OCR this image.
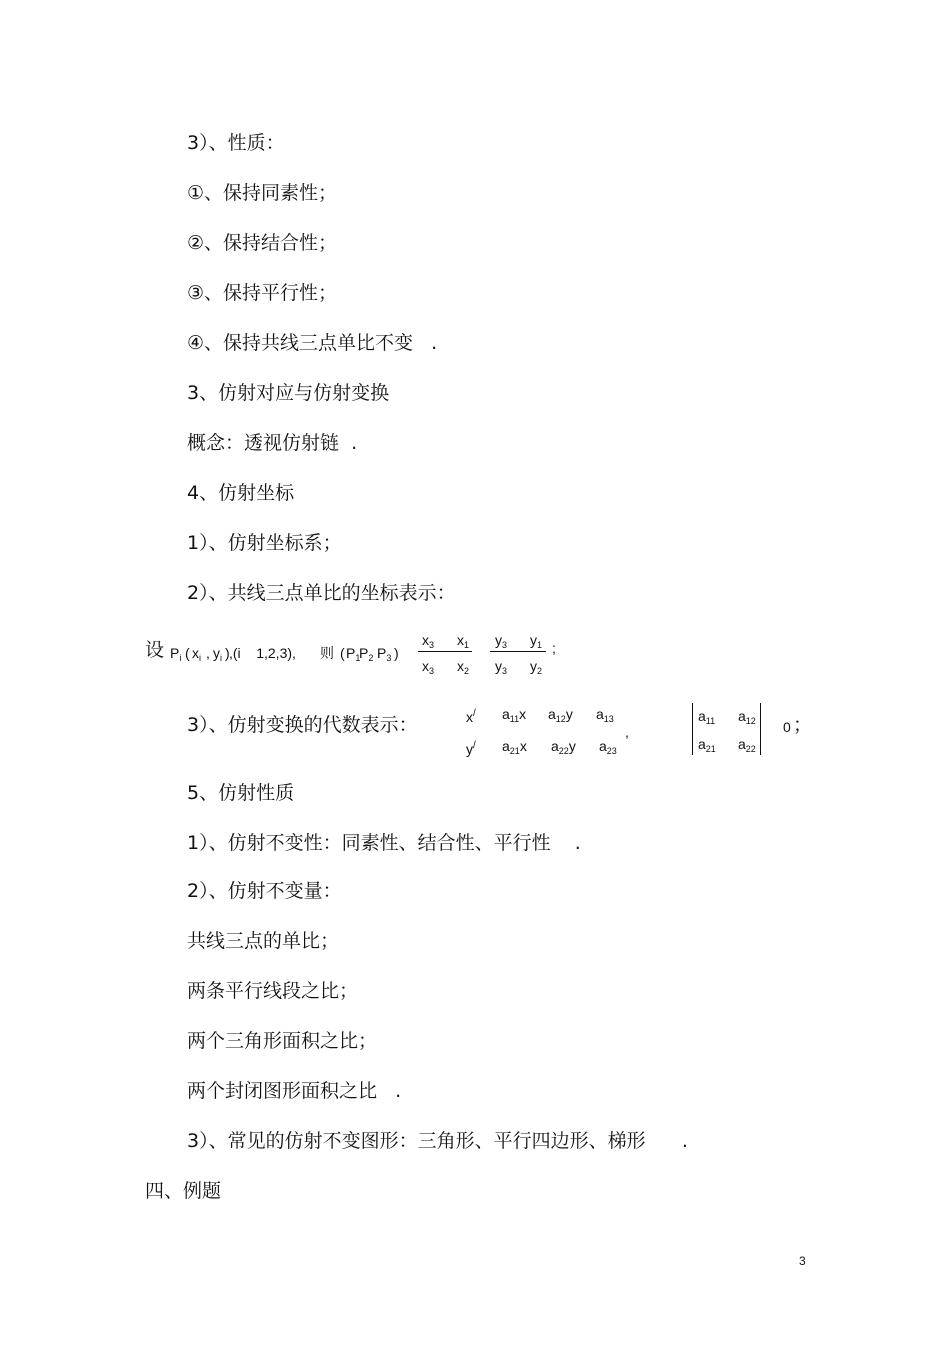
3）、性质：
①、保持同素性；
②、保持结合性；
③、保持平行性；
④、保持共线三点单比不变   .
3、仿射对应与仿射变换
概念：透视仿射链  .
4、仿射坐标
1）、仿射坐标系；
2）、共线三点单比的坐标表示：
设 $P_i$ ( $x_i$ , $y_i$ ) ,(i    1,2,3), 则 ( $P_1$
$P_2$ $P_3$ )
$x_3$ $x_1$
$x_3$ $x_2$
$y_3$ $y_1$
$y_3$ $y_2$
;
3）、仿射变换的代数表示：	x/ $a_{11}x$ $a_{12}y$ $a_{13}$
y/ $a_{21}x$ $a_{22}y$ $a_{23}$
,
$a_{11}$ $a_{12}$
$a_{21}$ $a_{22}$
0 ；
5、仿射性质
1）、仿射不变性：同素性、结合性、平行性    .
2）、仿射不变量：
共线三点的单比；
两条平行线段之比；
两个三角形面积之比；
两个封闭图形面积之比   .
3）、常见的仿射不变图形：三角形、平行四边形、梯形      .
四、例题
3
